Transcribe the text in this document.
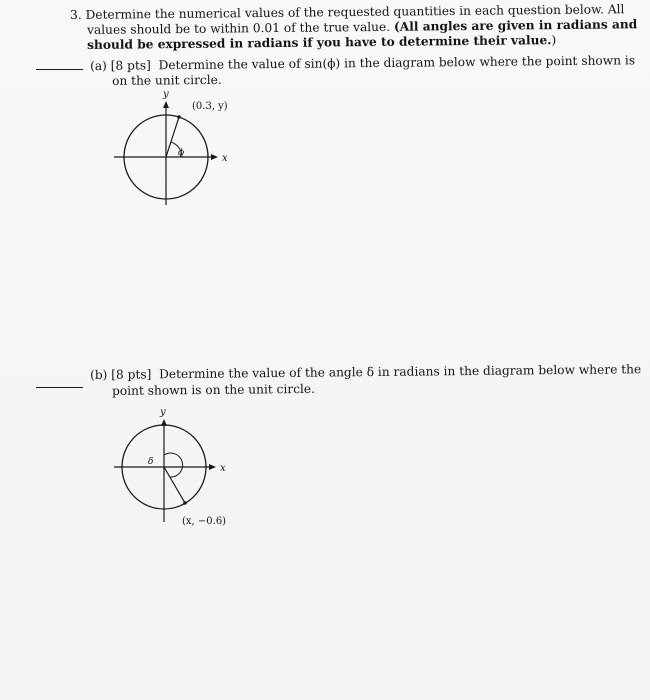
3. Determine the numerical values of the requested quantities in each question below. All
values should be to within 0.01 of the true value. (All angles are given in radians and
should be expressed in radians if you have to determine their value.)
(a) [8 pts] Determine the value of sin(ϕ) in the diagram below where the point shown is
on the unit circle.
y
x
(0.3, y)
ϕ
(b) [8 pts] Determine the value of the angle δ in radians in the diagram below where the
point shown is on the unit circle.
y
x
(x, −0.6)
δ
